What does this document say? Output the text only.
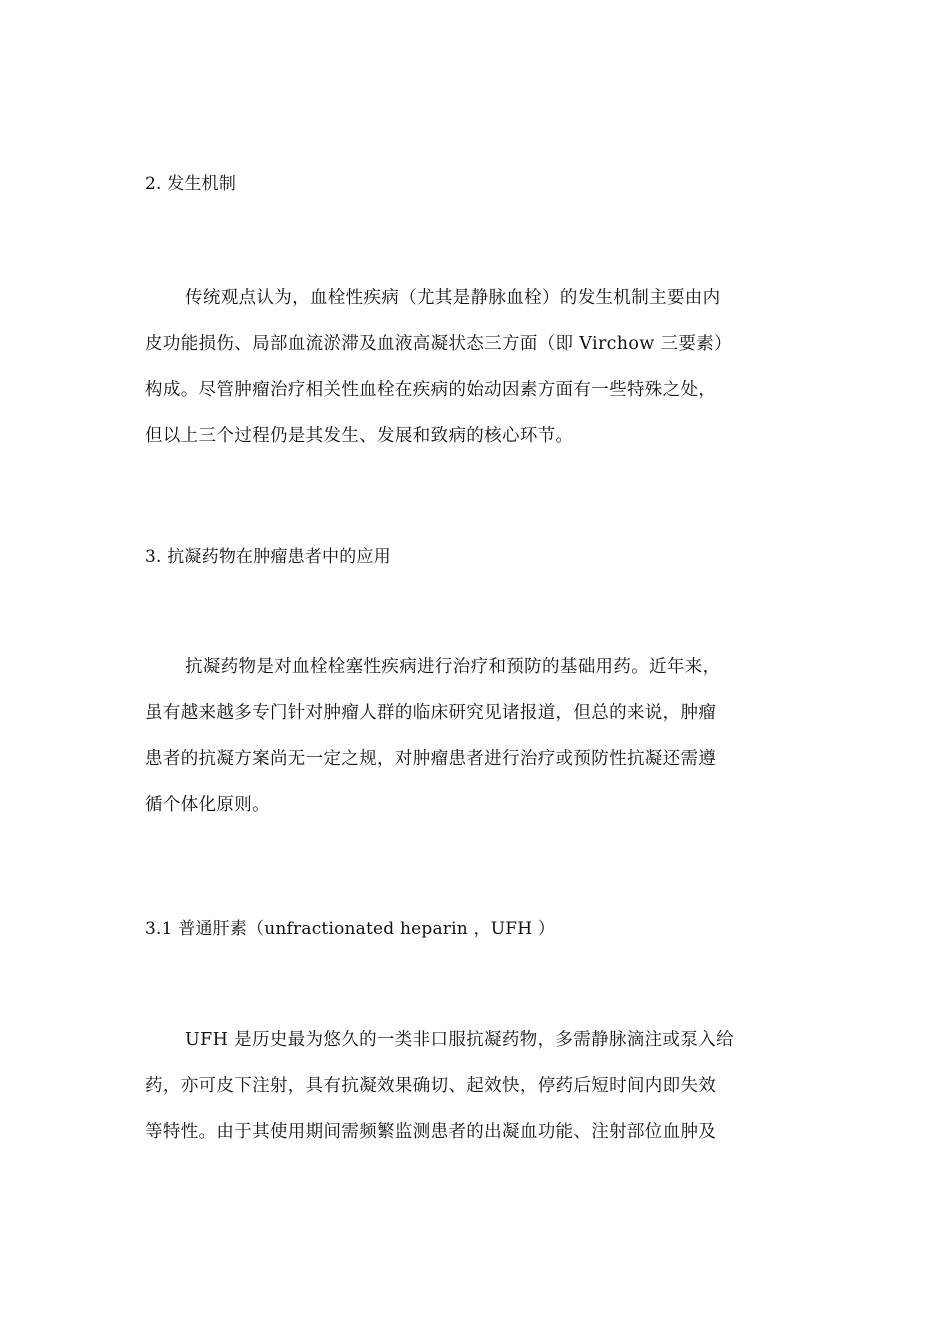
2. 发生机制
传统观点认为，血栓性疾病（尤其是静脉血栓）的发生机制主要由内
皮功能损伤、局部血流淤滞及血液高凝状态三方面（即 Virchow 三要素）
构成。尽管肿瘤治疗相关性血栓在疾病的始动因素方面有一些特殊之处，
但以上三个过程仍是其发生、发展和致病的核心环节。
3. 抗凝药物在肿瘤患者中的应用
抗凝药物是对血栓栓塞性疾病进行治疗和预防的基础用药。近年来，
虽有越来越多专门针对肿瘤人群的临床研究见诸报道，但总的来说，肿瘤
患者的抗凝方案尚无一定之规，对肿瘤患者进行治疗或预防性抗凝还需遵
循个体化原则。
3.1 普通肝素（unfractionated heparin ，UFH ）
UFH 是历史最为悠久的一类非口服抗凝药物，多需静脉滴注或泵入给
药，亦可皮下注射，具有抗凝效果确切、起效快，停药后短时间内即失效
等特性。由于其使用期间需频繁监测患者的出凝血功能、注射部位血肿及
